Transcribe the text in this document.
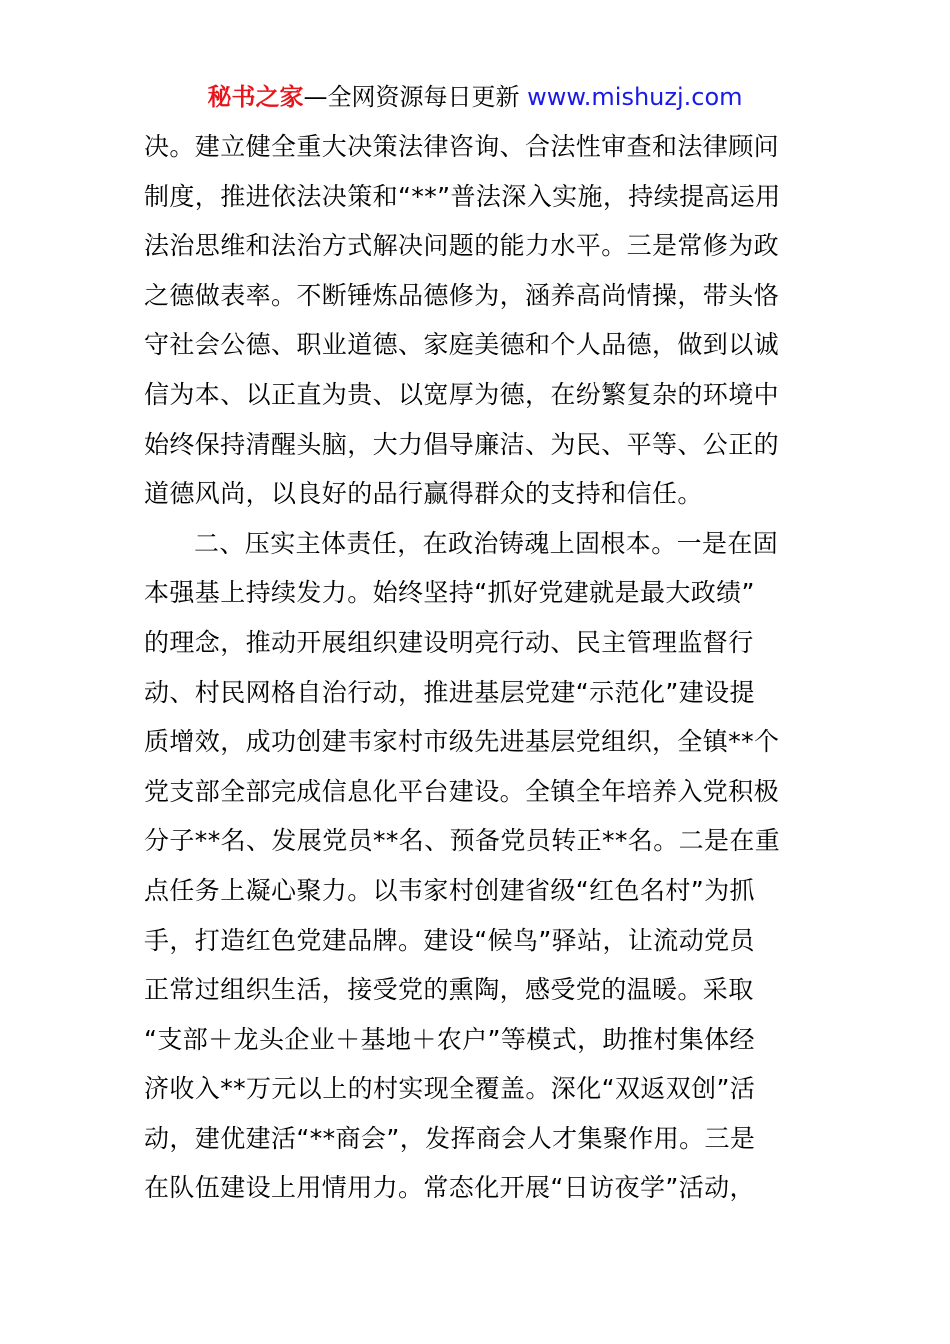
秘书之家—全网资源每日更新 www.mishuzj.com
决。建立健全重大决策法律咨询、合法性审查和法律顾问
制度，推进依法决策和“**”普法深入实施，持续提高运用
法治思维和法治方式解决问题的能力水平。三是常修为政
之德做表率。不断锤炼品德修为，涵养高尚情操，带头恪
守社会公德、职业道德、家庭美德和个人品德，做到以诚
信为本、以正直为贵、以宽厚为德，在纷繁复杂的环境中
始终保持清醒头脑，大力倡导廉洁、为民、平等、公正的
道德风尚，以良好的品行赢得群众的支持和信任。
二、压实主体责任，在政治铸魂上固根本。一是在固
本强基上持续发力。始终坚持“抓好党建就是最大政绩”
的理念，推动开展组织建设明亮行动、民主管理监督行
动、村民网格自治行动，推进基层党建“示范化”建设提
质增效，成功创建韦家村市级先进基层党组织，全镇**个
党支部全部完成信息化平台建设。全镇全年培养入党积极
分子**名、发展党员**名、预备党员转正**名。二是在重
点任务上凝心聚力。以韦家村创建省级“红色名村”为抓
手，打造红色党建品牌。建设“候鸟”驿站，让流动党员
正常过组织生活，接受党的熏陶，感受党的温暖。采取
“支部＋龙头企业＋基地＋农户”等模式，助推村集体经
济收入**万元以上的村实现全覆盖。深化“双返双创”活
动，建优建活“**商会”，发挥商会人才集聚作用。三是
在队伍建设上用情用力。常态化开展“日访夜学”活动，
